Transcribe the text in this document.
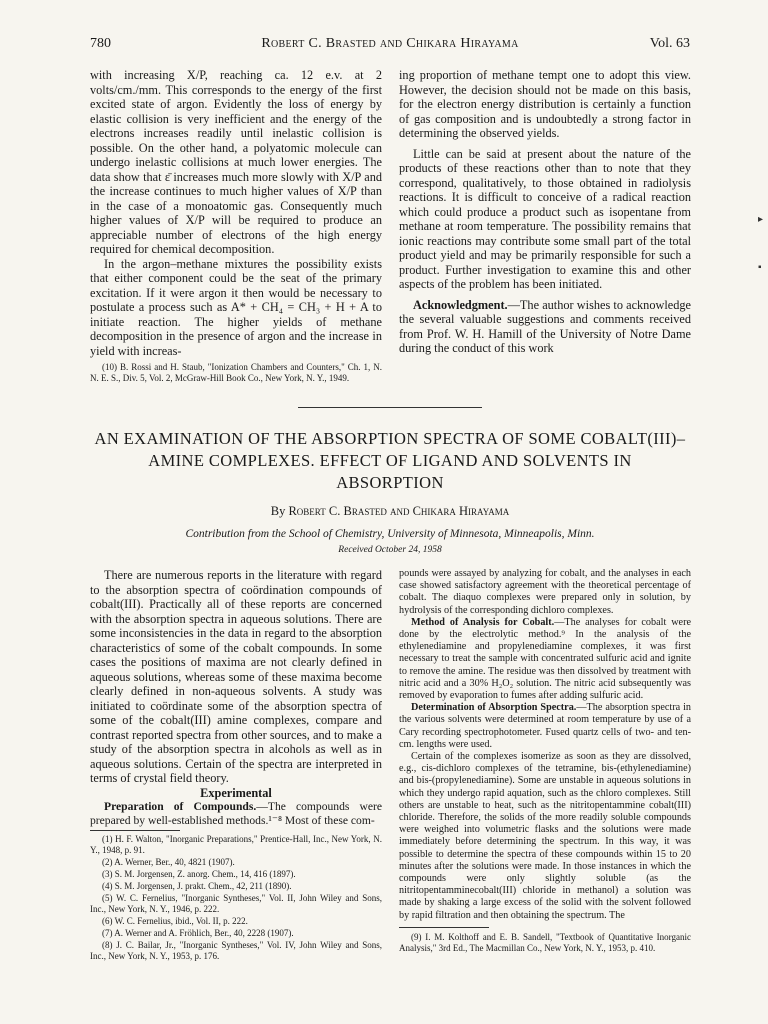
780	Robert C. Brasted and Chikara Hirayama	Vol. 63

with increasing X/P, reaching ca. 12 e.v. at 2 volts/cm./mm. This corresponds to the energy of the first excited state of argon. Evidently the loss of energy by elastic collision is very inefficient and the energy of the electrons increases readily until inelastic collision is possible. On the other hand, a polyatomic molecule can undergo inelastic collisions at much lower energies. The data show that ε̄ increases much more slowly with X/P and the increase continues to much higher values of X/P than in the case of a monoatomic gas. Consequently much higher values of X/P will be required to produce an appreciable number of electrons of the high energy required for chemical decomposition.

In the argon–methane mixtures the possibility exists that either component could be the seat of the primary excitation. If it were argon it then would be necessary to postulate a process such as A* + CH₄ = CH₃ + H + A to initiate reaction. The higher yields of methane decomposition in the presence of argon and the increase in yield with increas-

(10) B. Rossi and H. Staub, "Ionization Chambers and Counters," Ch. 1, N. N. E. S., Div. 5, Vol. 2, McGraw-Hill Book Co., New York, N. Y., 1949.

ing proportion of methane tempt one to adopt this view. However, the decision should not be made on this basis, for the electron energy distribution is certainly a function of gas composition and is undoubtedly a strong factor in determining the observed yields.

Little can be said at present about the nature of the products of these reactions other than to note that they correspond, qualitatively, to those obtained in radiolysis reactions. It is difficult to conceive of a radical reaction which could produce a product such as isopentane from methane at room temperature. The possibility remains that ionic reactions may contribute some small part of the total product yield and may be primarily responsible for such a product. Further investigation to examine this and other aspects of the problem has been initiated.

Acknowledgment.—The author wishes to acknowledge the several valuable suggestions and comments received from Prof. W. H. Hamill of the University of Notre Dame during the conduct of this work

▸
▪
AN EXAMINATION OF THE ABSORPTION SPECTRA OF SOME COBALT(III)–
AMINE COMPLEXES. EFFECT OF LIGAND AND SOLVENTS IN
ABSORPTION
By Robert C. Brasted and Chikara Hirayama
Contribution from the School of Chemistry, University of Minnesota, Minneapolis, Minn.
Received October 24, 1958

There are numerous reports in the literature with regard to the absorption spectra of coördination compounds of cobalt(III). Practically all of these reports are concerned with the absorption spectra in aqueous solutions. There are some inconsistencies in the data in regard to the absorption characteristics of some of the cobalt compounds. In some cases the positions of maxima are not clearly defined in aqueous solutions, whereas some of these maxima become clearly defined in non-aqueous solvents. A study was initiated to coördinate some of the absorption spectra of some of the cobalt(III) amine complexes, compare and contrast reported spectra from other sources, and to make a study of the absorption spectra in alcohols as well as in aqueous solutions. Certain of the spectra are interpreted in terms of crystal field theory.

Experimental

Preparation of Compounds.—The compounds were prepared by well-established methods.¹⁻⁸ Most of these com-

(1) H. F. Walton, "Inorganic Preparations," Prentice-Hall, Inc., New York, N. Y., 1948, p. 91.

(2) A. Werner, Ber., 40, 4821 (1907).

(3) S. M. Jorgensen, Z. anorg. Chem., 14, 416 (1897).

(4) S. M. Jorgensen, J. prakt. Chem., 42, 211 (1890).

(5) W. C. Fernelius, "Inorganic Syntheses," Vol. II, John Wiley and Sons, Inc., New York, N. Y., 1946, p. 222.

(6) W. C. Fernelius, ibid., Vol. II, p. 222.

(7) A. Werner and A. Fröhlich, Ber., 40, 2228 (1907).

(8) J. C. Bailar, Jr., "Inorganic Syntheses," Vol. IV, John Wiley and Sons, Inc., New York, N. Y., 1953, p. 176.

pounds were assayed by analyzing for cobalt, and the analyses in each case showed satisfactory agreement with the theoretical percentage of cobalt. The diaquo complexes were prepared only in solution, by hydrolysis of the corresponding dichloro complexes.

Method of Analysis for Cobalt.—The analyses for cobalt were done by the electrolytic method.⁹ In the analysis of the ethylenediamine and propylenediamine complexes, it was first necessary to treat the sample with concentrated sulfuric acid and ignite to remove the amine. The residue was then dissolved by treatment with nitric acid and a 30% H₂O₂ solution. The nitric acid subsequently was removed by evaporation to fumes after adding sulfuric acid.

Determination of Absorption Spectra.—The absorption spectra in the various solvents were determined at room temperature by use of a Cary recording spectrophotometer. Fused quartz cells of two- and ten-cm. lengths were used.

Certain of the complexes isomerize as soon as they are dissolved, e.g., cis-dichloro complexes of the tetramine, bis-(ethylenediamine) and bis-(propylenediamine). Some are unstable in aqueous solutions in which they undergo rapid aquation, such as the chloro complexes. Still others are unstable to heat, such as the nitritopentammine cobalt(III) chloride. Therefore, the solids of the more readily soluble compounds were weighed into volumetric flasks and the solutions were made immediately before determining the spectrum. In this way, it was possible to determine the spectra of these compounds within 15 to 20 minutes after the solutions were made. In those instances in which the compounds were only slightly soluble (as the nitritopentamminecobalt(III) chloride in methanol) a solution was made by shaking a large excess of the solid with the solvent followed by rapid filtration and then obtaining the spectrum. The

(9) I. M. Kolthoff and E. B. Sandell, "Textbook of Quantitative Inorganic Analysis," 3rd Ed., The Macmillan Co., New York, N. Y., 1953, p. 410.
